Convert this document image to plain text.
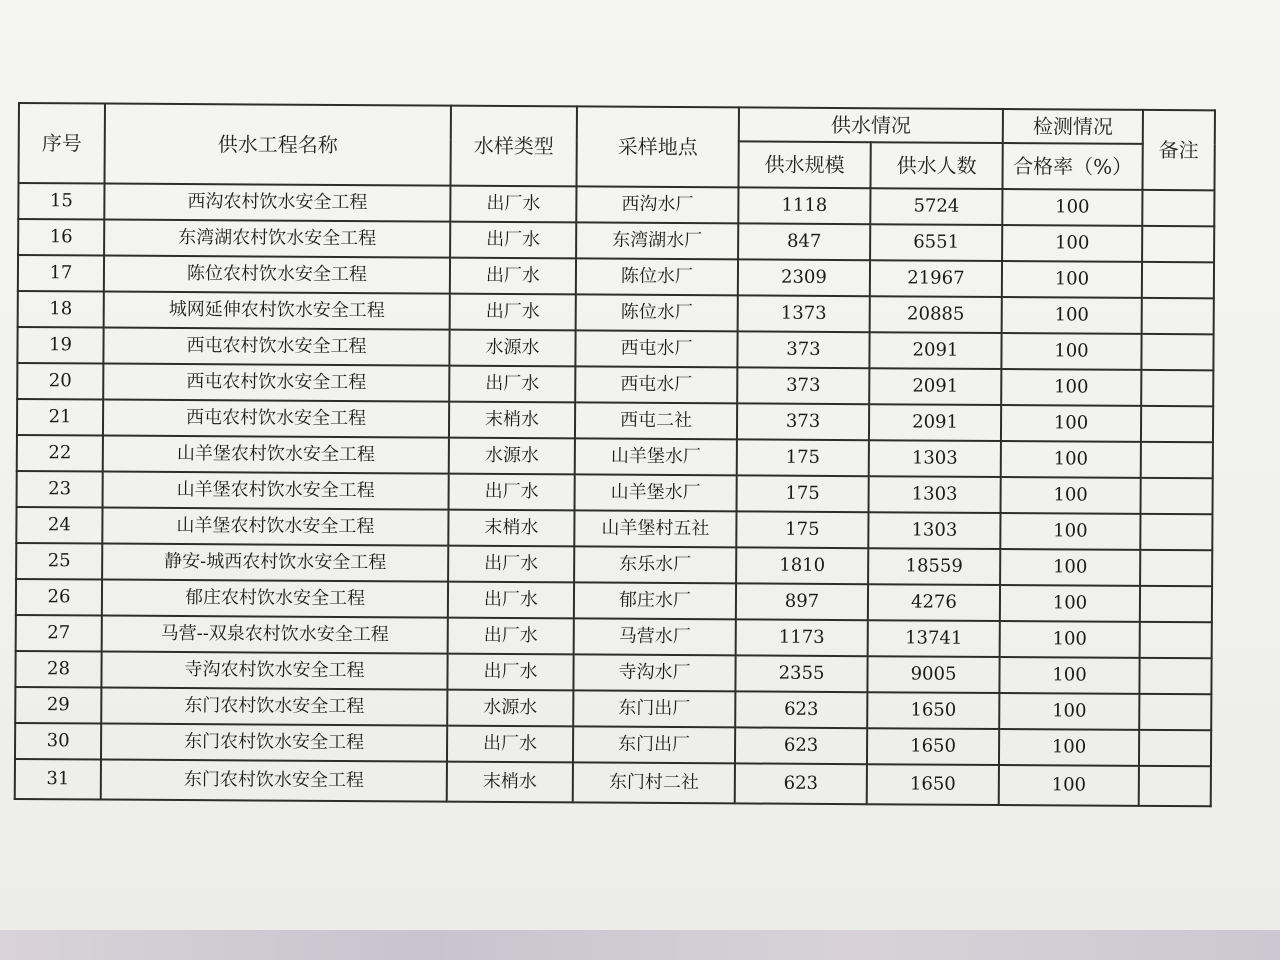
序号	供水工程名称	水样类型	采样地点	供水情况		检测情况	备注
				供水规模	供水人数	合格率（%）	
15	西沟农村饮水安全工程	出厂水	西沟水厂	1118	5724	100	
16	东湾湖农村饮水安全工程	出厂水	东湾湖水厂	847	6551	100	
17	陈位农村饮水安全工程	出厂水	陈位水厂	2309	21967	100	
18	城网延伸农村饮水安全工程	出厂水	陈位水厂	1373	20885	100	
19	西屯农村饮水安全工程	水源水	西屯水厂	373	2091	100	
20	西屯农村饮水安全工程	出厂水	西屯水厂	373	2091	100	
21	西屯农村饮水安全工程	末梢水	西屯二社	373	2091	100	
22	山羊堡农村饮水安全工程	水源水	山羊堡水厂	175	1303	100	
23	山羊堡农村饮水安全工程	出厂水	山羊堡水厂	175	1303	100	
24	山羊堡农村饮水安全工程	末梢水	山羊堡村五社	175	1303	100	
25	静安-城西农村饮水安全工程	出厂水	东乐水厂	1810	18559	100	
26	郁庄农村饮水安全工程	出厂水	郁庄水厂	897	4276	100	
27	马营--双泉农村饮水安全工程	出厂水	马营水厂	1173	13741	100	
28	寺沟农村饮水安全工程	出厂水	寺沟水厂	2355	9005	100	
29	东门农村饮水安全工程	水源水	东门出厂	623	1650	100	
30	东门农村饮水安全工程	出厂水	东门出厂	623	1650	100	
31	东门农村饮水安全工程	末梢水	东门村二社	623	1650	100	
